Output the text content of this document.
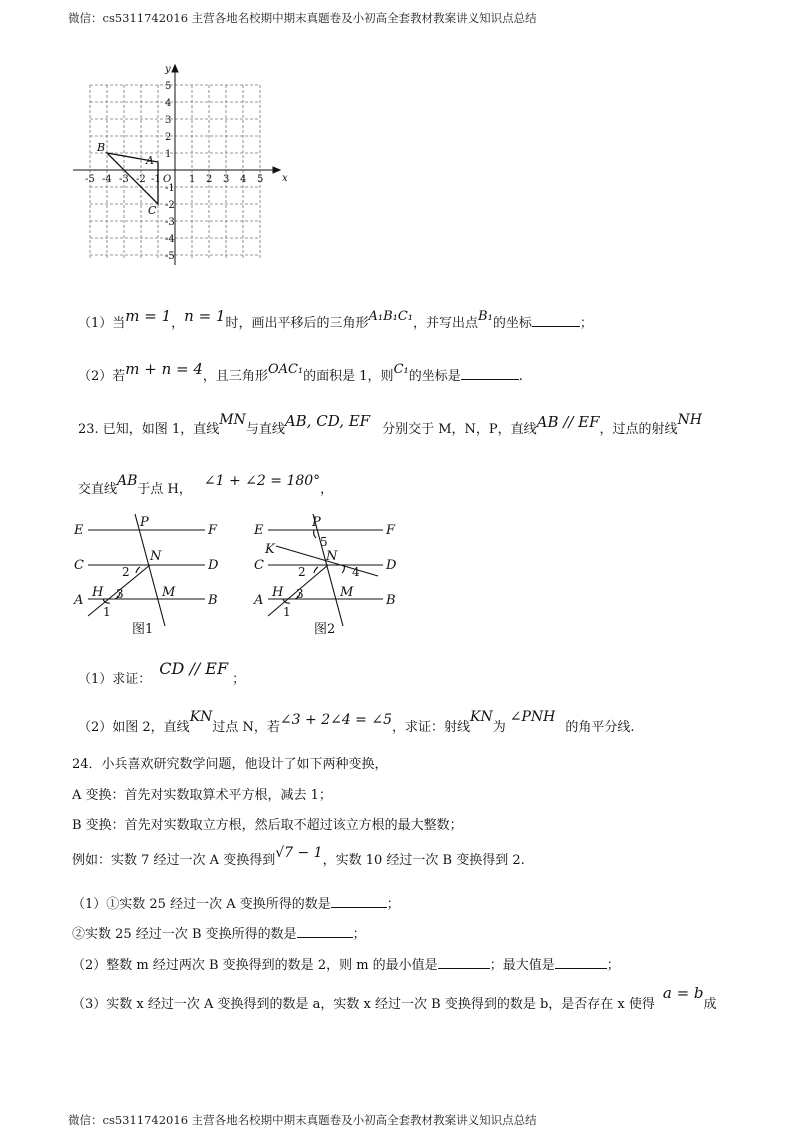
微信：cs5311742016 主营各地名校期中期末真题卷及小初高全套教材教案讲义知识点总结
x
y
O
5
4
3
2
1
-1
-2
-3
-4
-5
-5 -4 -3 -2 -1	1 2 3 4 5
B
A
C
（1）当m = 1，n = 1时，画出平移后的三角形A₁B₁C₁，并写出点B₁的坐标	；
（2）若m + n = 4，且三角形OAC₁的面积是 1，则C₁的坐标是	.
23. 已知，如图 1，直线MN与直线AB, CD, EF 分别交于 M，N，P，直线AB // EF，过点的射线NH
交直线AB于点 H，∠1 + ∠2 = 180°，
E	F
C	D
A	B
P
N
M
H
2
3
1
图1
E	F
C	D
A	B
P
N
M
H
K
2
3
1
5
4
图2
（1）求证：CD // EF；
（2）如图 2，直线KN过点 N，若∠3 + 2∠4 = ∠5，求证：射线KN为∠PNH的角平分线.
24．小兵喜欢研究数学问题，他设计了如下两种变换，
A 变换：首先对实数取算术平方根，减去 1；
B 变换：首先对实数取立方根，然后取不超过该立方根的最大整数；
例如：实数 7 经过一次 A 变换得到√7 − 1，实数 10 经过一次 B 变换得到 2.
（1）①实数 25 经过一次 A 变换所得的数是	；
②实数 25 经过一次 B 变换所得的数是	；
（2）整数 m 经过两次 B 变换得到的数是 2，则 m 的最小值是	；最大值是	；
（3）实数 x 经过一次 A 变换得到的数是 a，实数 x 经过一次 B 变换得到的数是 b，是否存在 x 使得a = b成
微信：cs5311742016 主营各地名校期中期末真题卷及小初高全套教材教案讲义知识点总结
